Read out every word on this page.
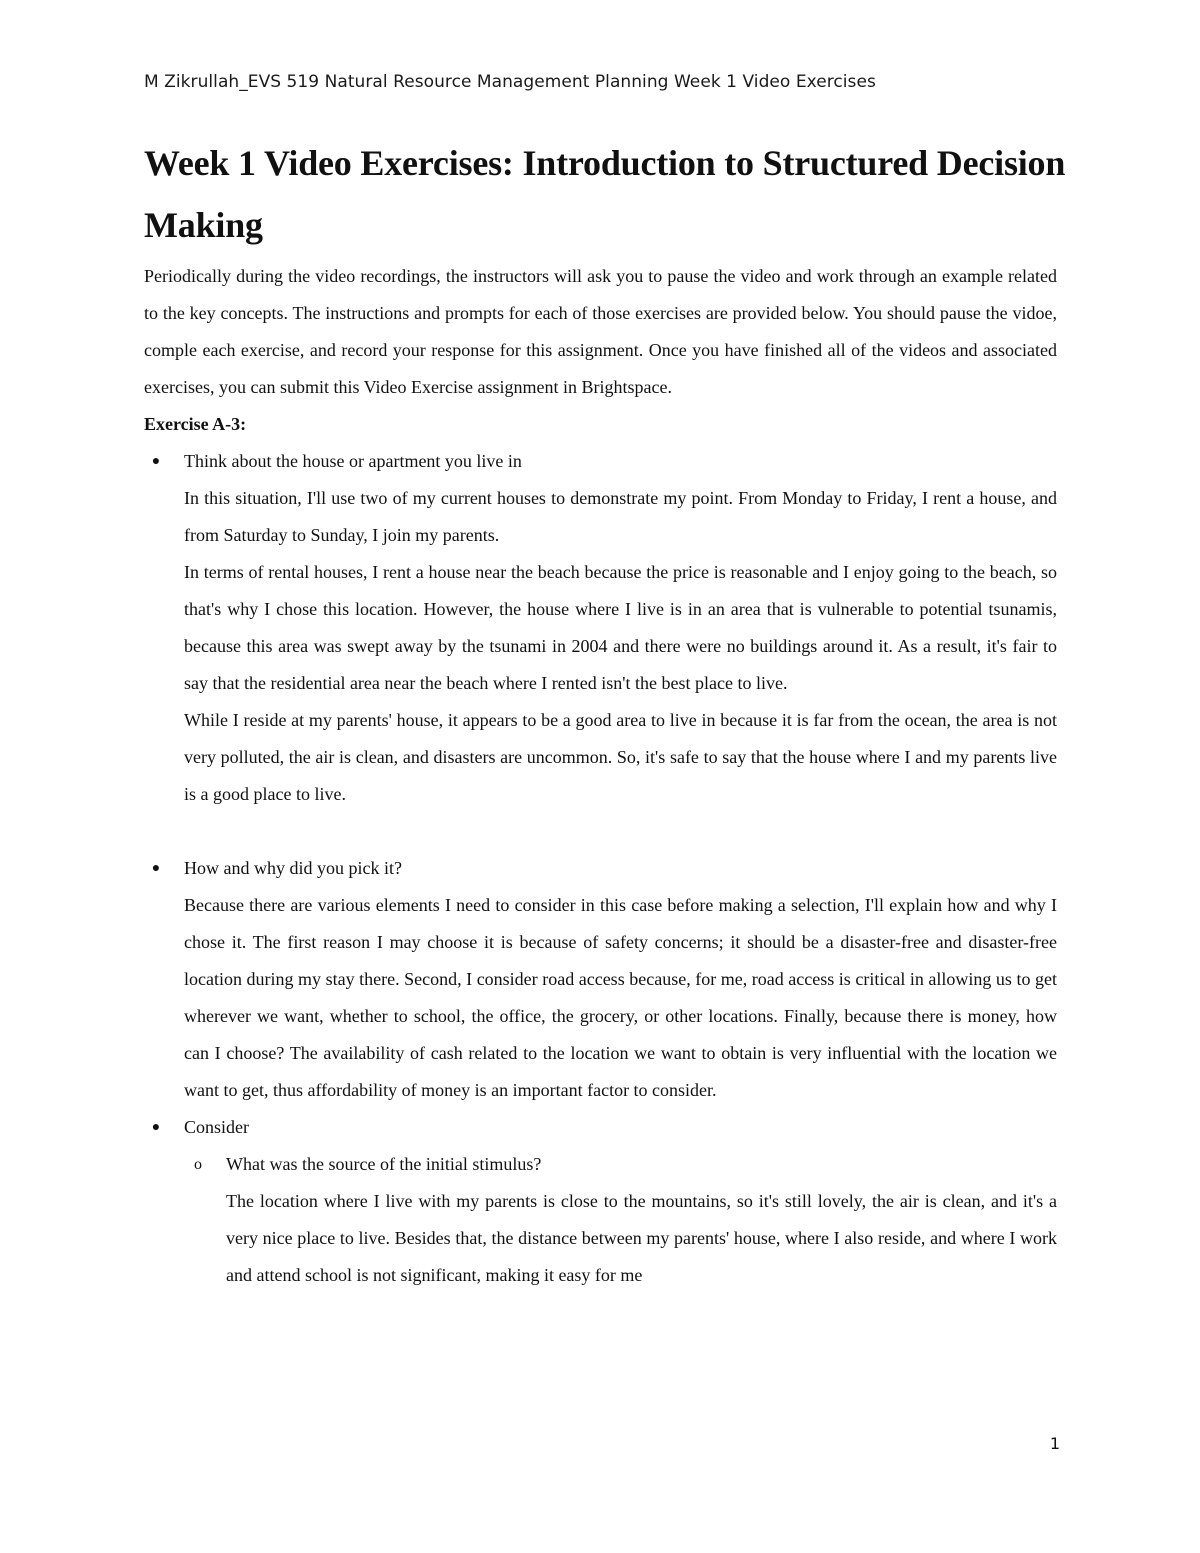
M Zikrullah_EVS 519 Natural Resource Management Planning Week 1 Video Exercises
Week 1 Video Exercises: Introduction to Structured Decision Making

Periodically during the video recordings, the instructors will ask you to pause the video and work through an example related to the key concepts. The instructions and prompts for each of those exercises are provided below. You should pause the vidoe, comple each exercise, and record your response for this assignment. Once you have finished all of the videos and associated exercises, you can submit this Video Exercise assignment in Brightspace.

Exercise A-3:

●	Think about the house or apartment you live in

In this situation, I'll use two of my current houses to demonstrate my point. From Monday to Friday, I rent a house, and from Saturday to Sunday, I join my parents.

In terms of rental houses, I rent a house near the beach because the price is reasonable and I enjoy going to the beach, so that's why I chose this location. However, the house where I live is in an area that is vulnerable to potential tsunamis, because this area was swept away by the tsunami in 2004 and there were no buildings around it. As a result, it's fair to say that the residential area near the beach where I rented isn't the best place to live.

While I reside at my parents' house, it appears to be a good area to live in because it is far from the ocean, the area is not very polluted, the air is clean, and disasters are uncommon. So, it's safe to say that the house where I and my parents live is a good place to live.

●	How and why did you pick it?

Because there are various elements I need to consider in this case before making a selection, I'll explain how and why I chose it. The first reason I may choose it is because of safety concerns; it should be a disaster-free and disaster-free location during my stay there. Second, I consider road access because, for me, road access is critical in allowing us to get wherever we want, whether to school, the office, the grocery, or other locations. Finally, because there is money, how can I choose? The availability of cash related to the location we want to obtain is very influential with the location we want to get, thus affordability of money is an important factor to consider.

●	Consider
o What was the source of the initial stimulus?

The location where I live with my parents is close to the mountains, so it's still lovely, the air is clean, and it's a very nice place to live. Besides that, the distance between my parents' house, where I also reside, and where I work and attend school is not significant, making it easy for me

1
